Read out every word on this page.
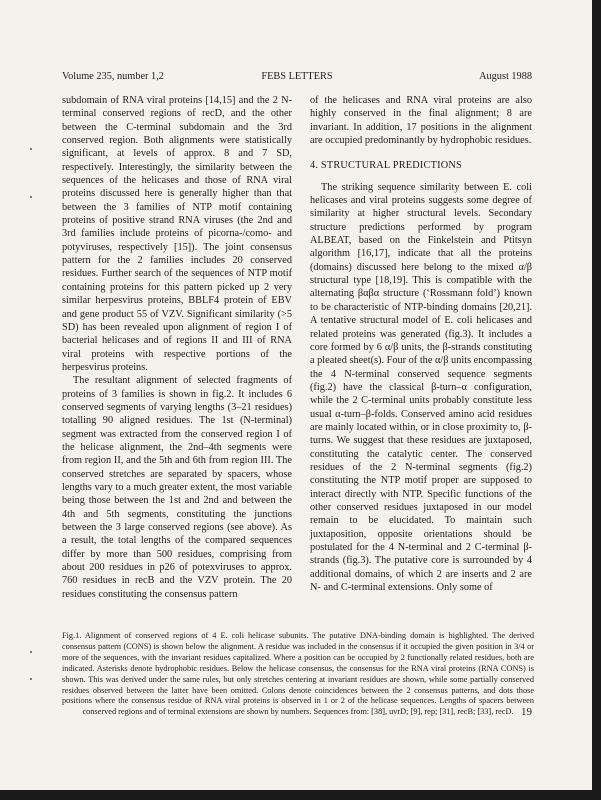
Volume 235, number 1,2	FEBS LETTERS	August 1988

subdomain of RNA viral proteins [14,15] and the 2 N-terminal conserved regions of recD, and the other between the C-terminal subdomain and the 3rd conserved region. Both alignments were statistically significant, at levels of approx. 8 and 7 SD, respectively. Interestingly, the similarity between the sequences of the helicases and those of RNA viral proteins discussed here is generally higher than that between the 3 families of NTP motif containing proteins of positive strand RNA viruses (the 2nd and 3rd families include proteins of picorna-/como- and potyviruses, respectively [15]). The joint consensus pattern for the 2 families includes 20 conserved residues. Further search of the sequences of NTP motif containing proteins for this pattern picked up 2 very similar herpesvirus proteins, BBLF4 protein of EBV and gene product 55 of VZV. Significant similarity (>5 SD) has been revealed upon alignment of region I of bacterial helicases and of regions II and III of RNA viral proteins with respective portions of the herpesvirus proteins.

The resultant alignment of selected fragments of proteins of 3 families is shown in fig.2. It includes 6 conserved segments of varying lengths (3–21 residues) totalling 90 aligned residues. The 1st (N-terminal) segment was extracted from the conserved region I of the helicase alignment, the 2nd–4th segments were from region II, and the 5th and 6th from region III. The conserved stretches are separated by spacers, whose lengths vary to a much greater extent, the most variable being those between the 1st and 2nd and between the 4th and 5th segments, constituting the junctions between the 3 large conserved regions (see above). As a result, the total lengths of the compared sequences differ by more than 500 residues, comprising from about 200 residues in p26 of potexviruses to approx. 760 residues in recB and the VZV protein. The 20 residues constituting the consensus pattern

of the helicases and RNA viral proteins are also highly conserved in the final alignment; 8 are invariant. In addition, 17 positions in the alignment are occupied predominantly by hydrophobic residues.

4. STRUCTURAL PREDICTIONS

The striking sequence similarity between E. coli helicases and viral proteins suggests some degree of similarity at higher structural levels. Secondary structure predictions performed by program ALBEAT, based on the Finkelstein and Ptitsyn algorithm [16,17], indicate that all the proteins (domains) discussed here belong to the mixed α/β structural type [18,19]. This is compatible with the alternating βαβα structure (‘Rossmann fold’) known to be characteristic of NTP-binding domains [20,21]. A tentative structural model of E. coli helicases and related proteins was generated (fig.3). It includes a core formed by 6 α/β units, the β-strands constituting a pleated sheet(s). Four of the α/β units encompassing the 4 N-terminal conserved sequence segments (fig.2) have the classical β-turn–α configuration, while the 2 C-terminal units probably constitute less usual α-turn–β-folds. Conserved amino acid residues are mainly located within, or in close proximity to, β-turns. We suggest that these residues are juxtaposed, constituting the catalytic center. The conserved residues of the 2 N-terminal segments (fig.2) constituting the NTP motif proper are supposed to interact directly with NTP. Specific functions of the other conserved residues juxtaposed in our model remain to be elucidated. To maintain such juxtaposition, opposite orientations should be postulated for the 4 N-terminal and 2 C-terminal β-strands (fig.3). The putative core is surrounded by 4 additional domains, of which 2 are inserts and 2 are N- and C-terminal extensions. Only some of

Fig.1. Alignment of conserved regions of 4 E. coli helicase subunits. The putative DNA-binding domain is highlighted. The derived consensus pattern (CONS) is shown below the alignment. A residue was included in the consensus if it occupied the given position in 3/4 or more of the sequences, with the invariant residues capitalized. Where a position can be occupied by 2 functionally related residues, both are indicated. Asterisks denote hydrophobic residues. Below the helicase consensus, the consensus for the RNA viral proteins (RNA CONS) is shown. This was derived under the same rules, but only stretches centering at invariant residues are shown, while some partially conserved residues observed between the latter have been omitted. Colons denote coincidences between the 2 consensus patterns, and dots those positions where the consensus residue of RNA viral proteins is observed in 1 or 2 of the helicase sequences. Lengths of spacers between conserved regions and of terminal extensions are shown by numbers. Sequences from: [38], uvrD; [9], rep; [31], recB; [33], recD. 19
